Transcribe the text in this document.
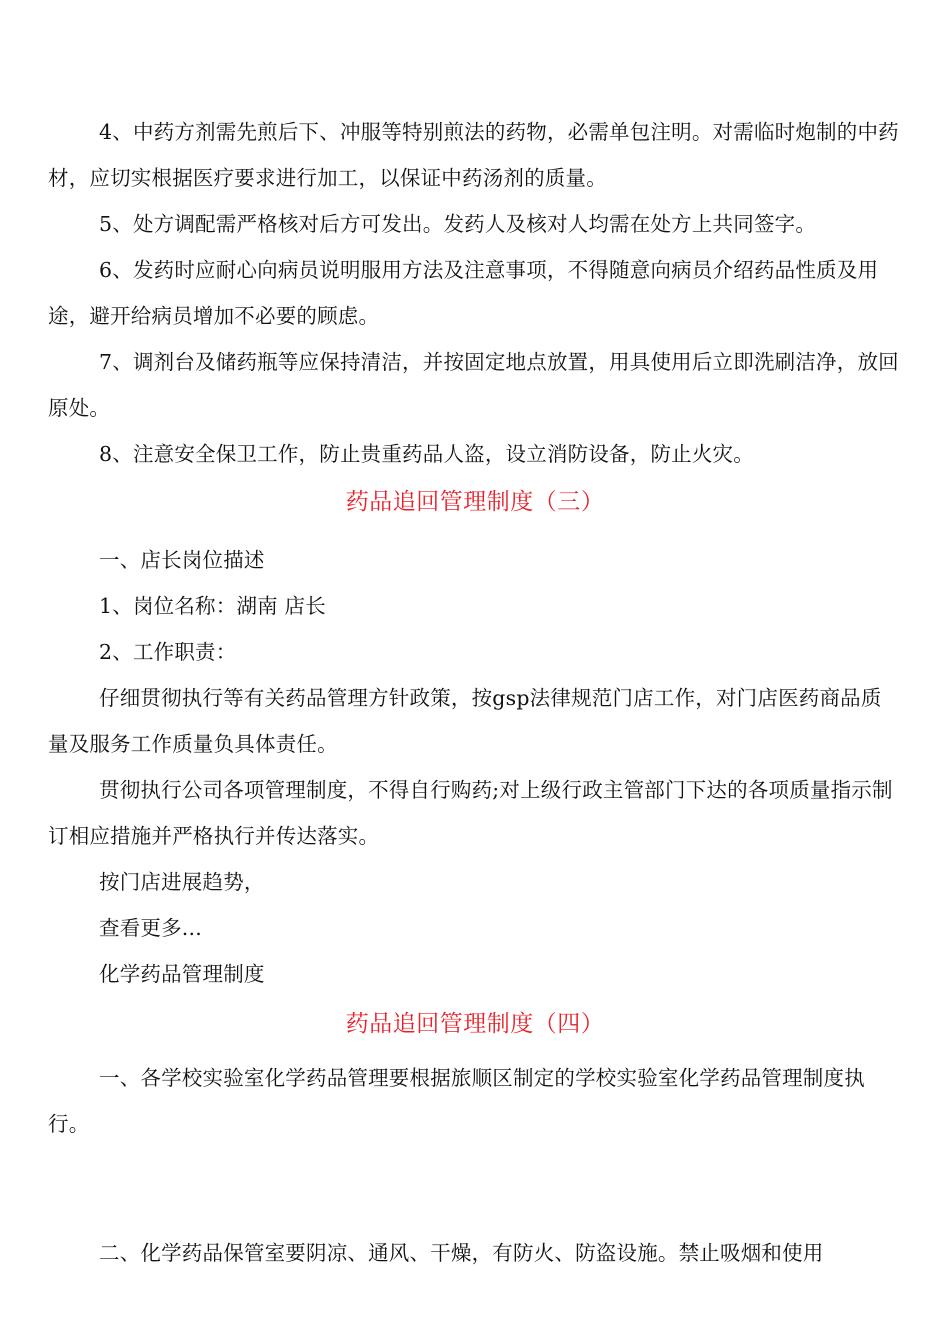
4、中药方剂需先煎后下、冲服等特别煎法的药物，必需单包注明。对需临时炮制的中药材，应切实根据医疗要求进行加工，以保证中药汤剂的质量。
5、处方调配需严格核对后方可发出。发药人及核对人均需在处方上共同签字。
6、发药时应耐心向病员说明服用方法及注意事项，不得随意向病员介绍药品性质及用途，避开给病员增加不必要的顾虑。
7、调剂台及储药瓶等应保持清洁，并按固定地点放置，用具使用后立即洗刷洁净，放回原处。
8、注意安全保卫工作，防止贵重药品人盗，设立消防设备，防止火灾。
药品追回管理制度（三）
一、店长岗位描述
1、岗位名称：湖南 店长
2、工作职责：
仔细贯彻执行等有关药品管理方针政策，按gsp法律规范门店工作，对门店医药商品质量及服务工作质量负具体责任。
贯彻执行公司各项管理制度，不得自行购药;对上级行政主管部门下达的各项质量指示制订相应措施并严格执行并传达落实。
按门店进展趋势，
查看更多...
化学药品管理制度
药品追回管理制度（四）
一、各学校实验室化学药品管理要根据旅顺区制定的学校实验室化学药品管理制度执行。
二、化学药品保管室要阴凉、通风、干燥，有防火、防盗设施。禁止吸烟和使用
